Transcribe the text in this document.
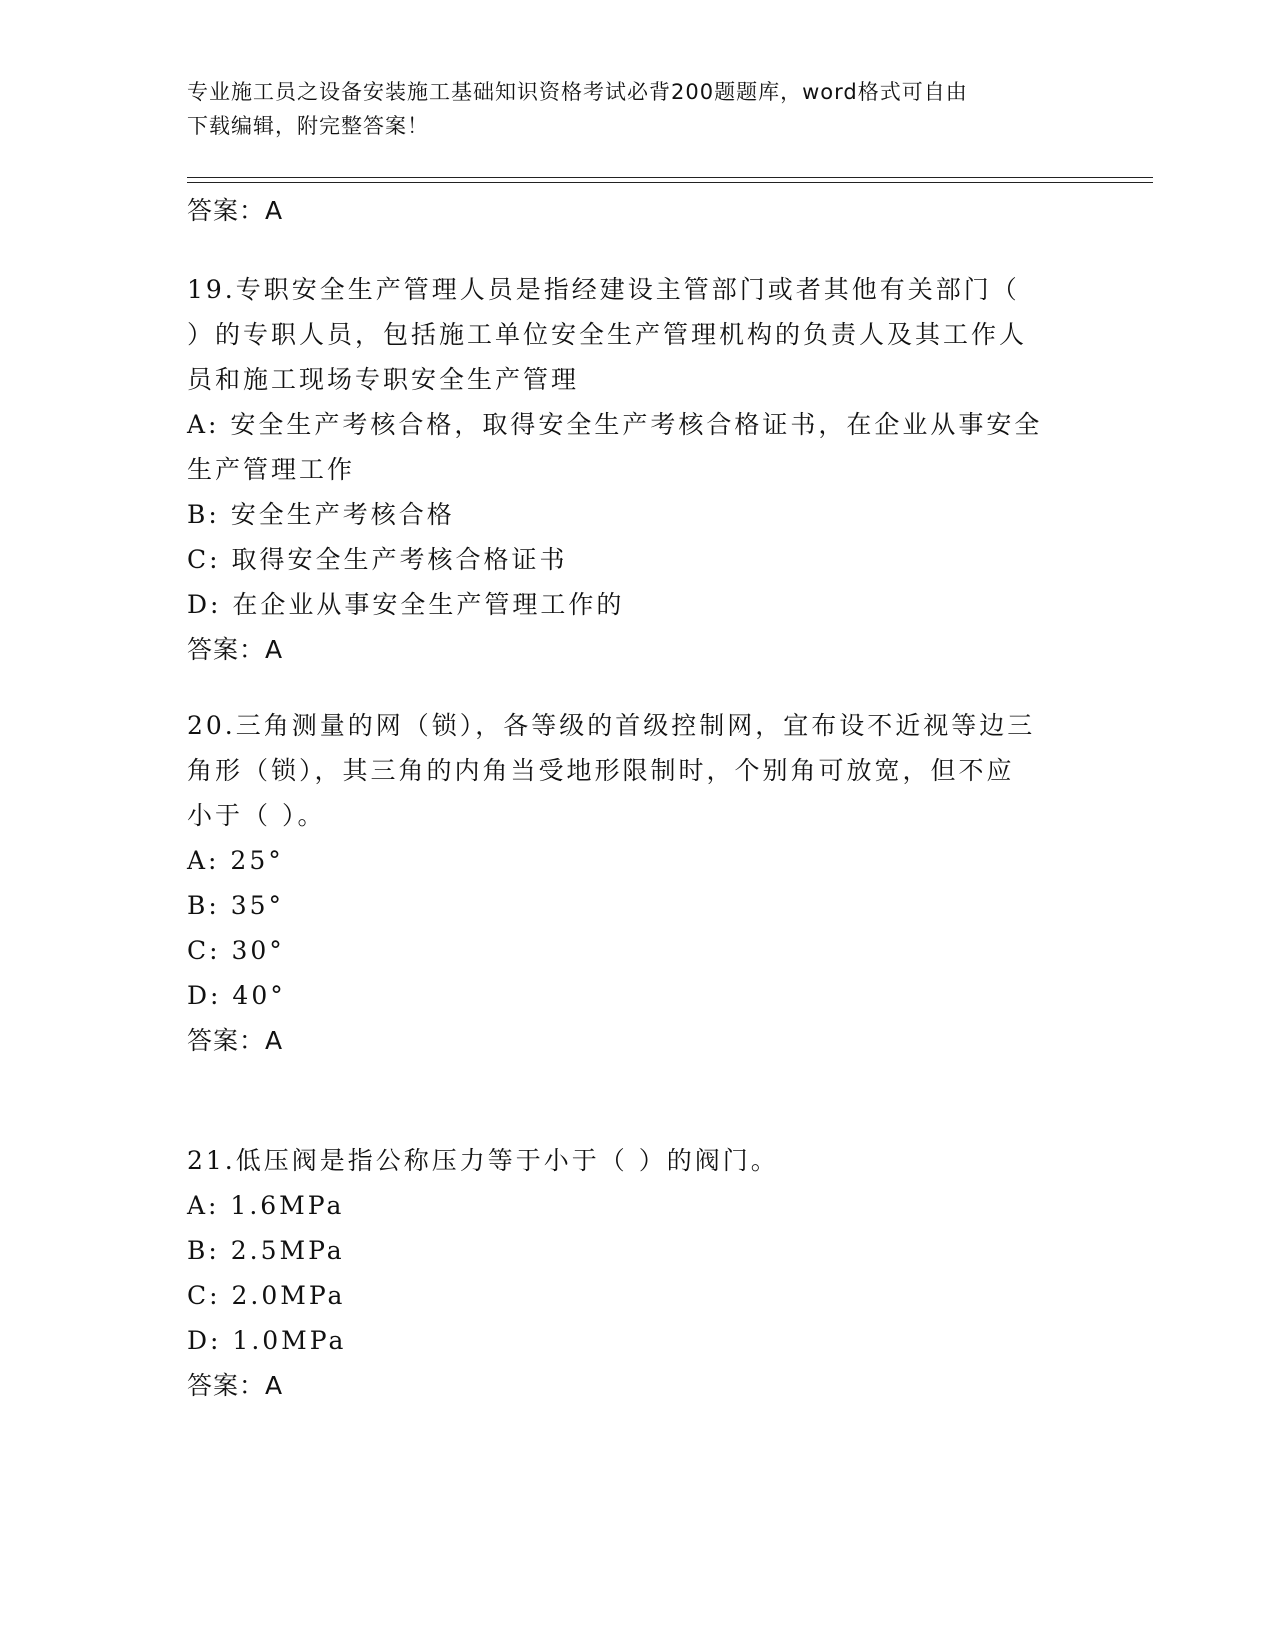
专业施工员之设备安装施工基础知识资格考试必背200题题库，word格式可自由
下载编辑，附完整答案！
答案：A
19.专职安全生产管理人员是指经建设主管部门或者其他有关部门（
）的专职人员，包括施工单位安全生产管理机构的负责人及其工作人
员和施工现场专职安全生产管理
A: 安全生产考核合格，取得安全生产考核合格证书，在企业从事安全
生产管理工作
B: 安全生产考核合格
C: 取得安全生产考核合格证书
D: 在企业从事安全生产管理工作的
答案：A
20.三角测量的网（锁），各等级的首级控制网，宜布设不近视等边三
角形（锁），其三角的内角当受地形限制时，个别角可放宽，但不应
小于（ ）。
A: 25°
B: 35°
C: 30°
D: 40°
答案：A
21.低压阀是指公称压力等于小于（ ）的阀门。
A: 1.6MPa
B: 2.5MPa
C: 2.0MPa
D: 1.0MPa
答案：A
